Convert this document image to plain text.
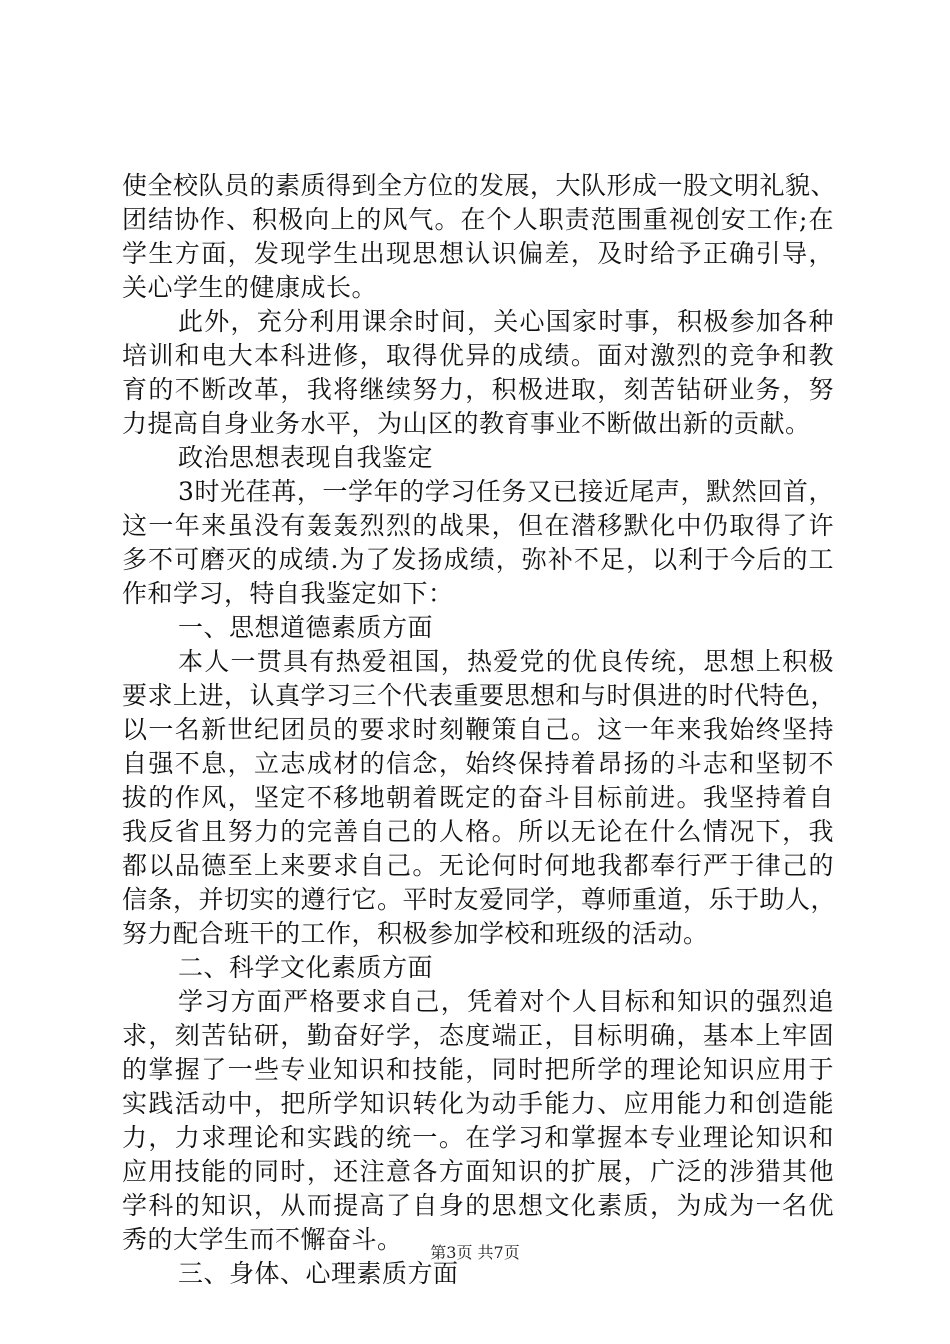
使全校队员的素质得到全方位的发展，大队形成一股文明礼貌、
团结协作、积极向上的风气。在个人职责范围重视创安工作;在
学生方面，发现学生出现思想认识偏差，及时给予正确引导，
关心学生的健康成长。
此外，充分利用课余时间，关心国家时事，积极参加各种
培训和电大本科进修，取得优异的成绩。面对激烈的竞争和教
育的不断改革，我将继续努力，积极进取，刻苦钻研业务，努
力提高自身业务水平，为山区的教育事业不断做出新的贡献。
政治思想表现自我鉴定
3时光荏苒，一学年的学习任务又已接近尾声，默然回首，
这一年来虽没有轰轰烈烈的战果，但在潜移默化中仍取得了许
多不可磨灭的成绩.为了发扬成绩，弥补不足，以利于今后的工
作和学习，特自我鉴定如下：
一、思想道德素质方面
本人一贯具有热爱祖国，热爱党的优良传统，思想上积极
要求上进，认真学习三个代表重要思想和与时俱进的时代特色，
以一名新世纪团员的要求时刻鞭策自己。这一年来我始终坚持
自强不息，立志成材的信念，始终保持着昂扬的斗志和坚韧不
拔的作风，坚定不移地朝着既定的奋斗目标前进。我坚持着自
我反省且努力的完善自己的人格。所以无论在什么情况下，我
都以品德至上来要求自己。无论何时何地我都奉行严于律己的
信条，并切实的遵行它。平时友爱同学，尊师重道，乐于助人，
努力配合班干的工作，积极参加学校和班级的活动。
二、科学文化素质方面
学习方面严格要求自己，凭着对个人目标和知识的强烈追
求，刻苦钻研，勤奋好学，态度端正，目标明确，基本上牢固
的掌握了一些专业知识和技能，同时把所学的理论知识应用于
实践活动中，把所学知识转化为动手能力、应用能力和创造能
力，力求理论和实践的统一。在学习和掌握本专业理论知识和
应用技能的同时，还注意各方面知识的扩展，广泛的涉猎其他
学科的知识，从而提高了自身的思想文化素质，为成为一名优
秀的大学生而不懈奋斗。
三、身体、心理素质方面
第3页 共7页
